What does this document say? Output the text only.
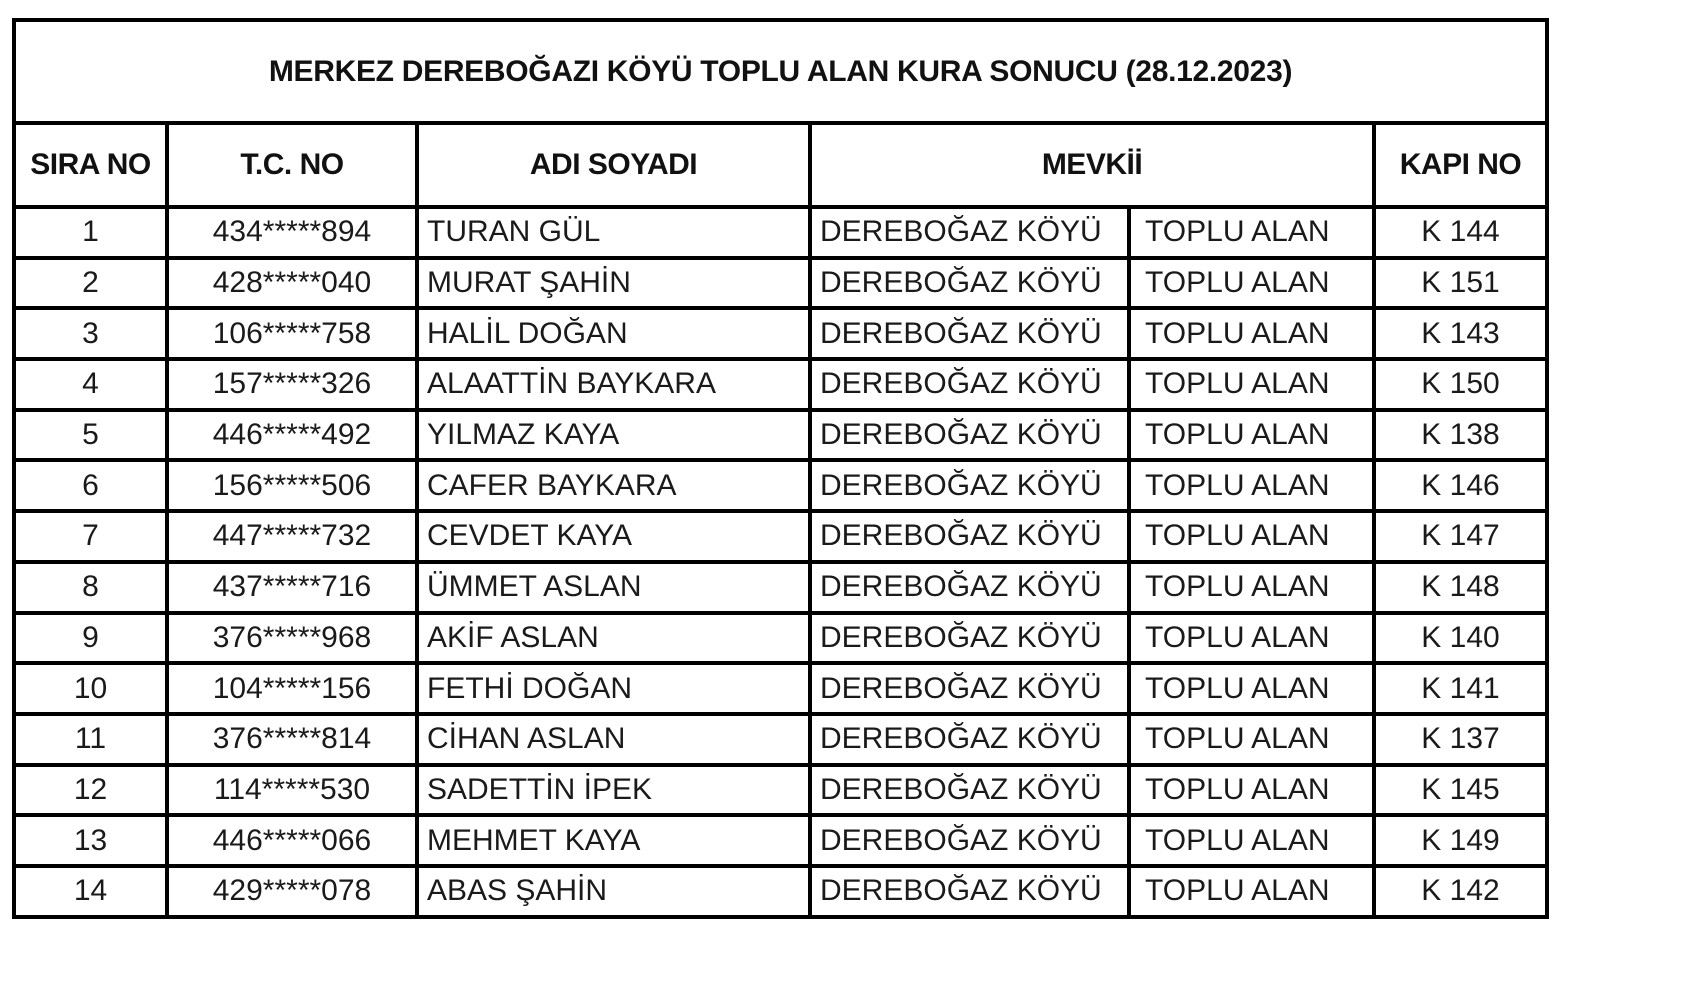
MERKEZ DEREBOĞAZI KÖYÜ TOPLU ALAN KURA SONUCU (28.12.2023)					
SIRA NO	T.C. NO	ADI SOYADI	MEVKİİ		KAPI NO
1	434*****894	TURAN GÜL	DEREBOĞAZ KÖYÜ	TOPLU ALAN	K 144
2	428*****040	MURAT ŞAHİN	DEREBOĞAZ KÖYÜ	TOPLU ALAN	K 151
3	106*****758	HALİL DOĞAN	DEREBOĞAZ KÖYÜ	TOPLU ALAN	K 143
4	157*****326	ALAATTİN BAYKARA	DEREBOĞAZ KÖYÜ	TOPLU ALAN	K 150
5	446*****492	YILMAZ KAYA	DEREBOĞAZ KÖYÜ	TOPLU ALAN	K 138
6	156*****506	CAFER BAYKARA	DEREBOĞAZ KÖYÜ	TOPLU ALAN	K 146
7	447*****732	CEVDET KAYA	DEREBOĞAZ KÖYÜ	TOPLU ALAN	K 147
8	437*****716	ÜMMET ASLAN	DEREBOĞAZ KÖYÜ	TOPLU ALAN	K 148
9	376*****968	AKİF ASLAN	DEREBOĞAZ KÖYÜ	TOPLU ALAN	K 140
10	104*****156	FETHİ DOĞAN	DEREBOĞAZ KÖYÜ	TOPLU ALAN	K 141
11	376*****814	CİHAN ASLAN	DEREBOĞAZ KÖYÜ	TOPLU ALAN	K 137
12	114*****530	SADETTİN İPEK	DEREBOĞAZ KÖYÜ	TOPLU ALAN	K 145
13	446*****066	MEHMET KAYA	DEREBOĞAZ KÖYÜ	TOPLU ALAN	K 149
14	429*****078	ABAS ŞAHİN	DEREBOĞAZ KÖYÜ	TOPLU ALAN	K 142
